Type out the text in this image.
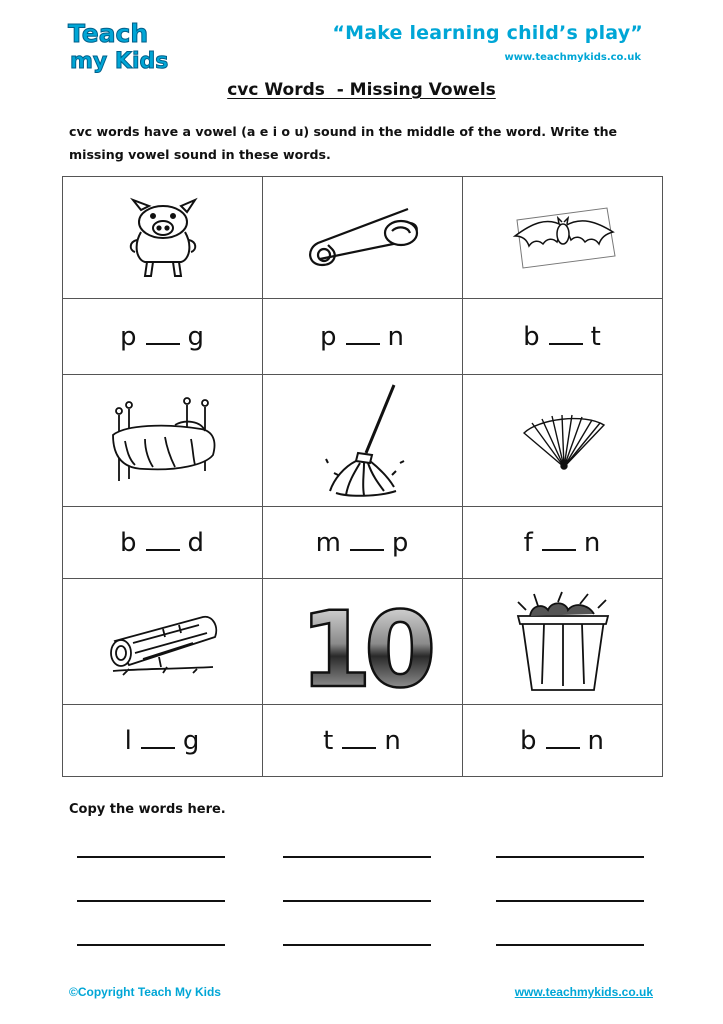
Teach
my Kids
“Make learning child’s play”
www.teachmykids.co.uk
cvc Words  - Missing Vowels
cvc words have a vowel (a e i o u) sound in the middle of the word. Write the missing vowel sound in these words.

p g	p n	b t

b d	m p	f n

10

l g	t n	b n
Copy the words here.
©Copyright Teach My Kids	www.teachmykids.co.uk
